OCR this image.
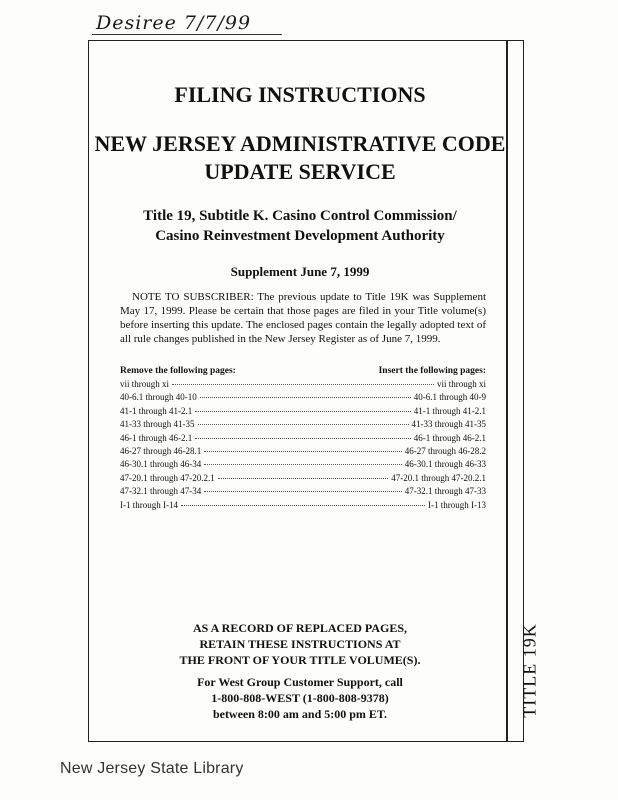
Desiree 7/7/99
TITLE 19K
FILING INSTRUCTIONS
NEW JERSEY ADMINISTRATIVE CODE
UPDATE SERVICE
Title 19, Subtitle K. Casino Control Commission/
Casino Reinvestment Development Authority
Supplement June 7, 1999
NOTE TO SUBSCRIBER: The previous update to Title 19K was Supplement May 17, 1999. Please be certain that those pages are filed in your Title volume(s) before inserting this update. The enclosed pages contain the legally adopted text of all rule changes published in the New Jersey Register as of June 7, 1999.
Remove the following pages:	Insert the following pages:
vii through xi	vii through xi
40-6.1 through 40-10	40-6.1 through 40-9
41-1 through 41-2.1	41-1 through 41-2.1
41-33 through 41-35	41-33 through 41-35
46-1 through 46-2.1	46-1 through 46-2.1
46-27 through 46-28.1	46-27 through 46-28.2
46-30.1 through 46-34	46-30.1 through 46-33
47-20.1 through 47-20.2.1	47-20.1 through 47-20.2.1
47-32.1 through 47-34	47-32.1 through 47-33
I-1 through I-14	I-1 through I-13
AS A RECORD OF REPLACED PAGES,
RETAIN THESE INSTRUCTIONS AT
THE FRONT OF YOUR TITLE VOLUME(S).
For West Group Customer Support, call
1-800-808-WEST (1-800-808-9378)
between 8:00 am and 5:00 pm ET.
New Jersey State Library
